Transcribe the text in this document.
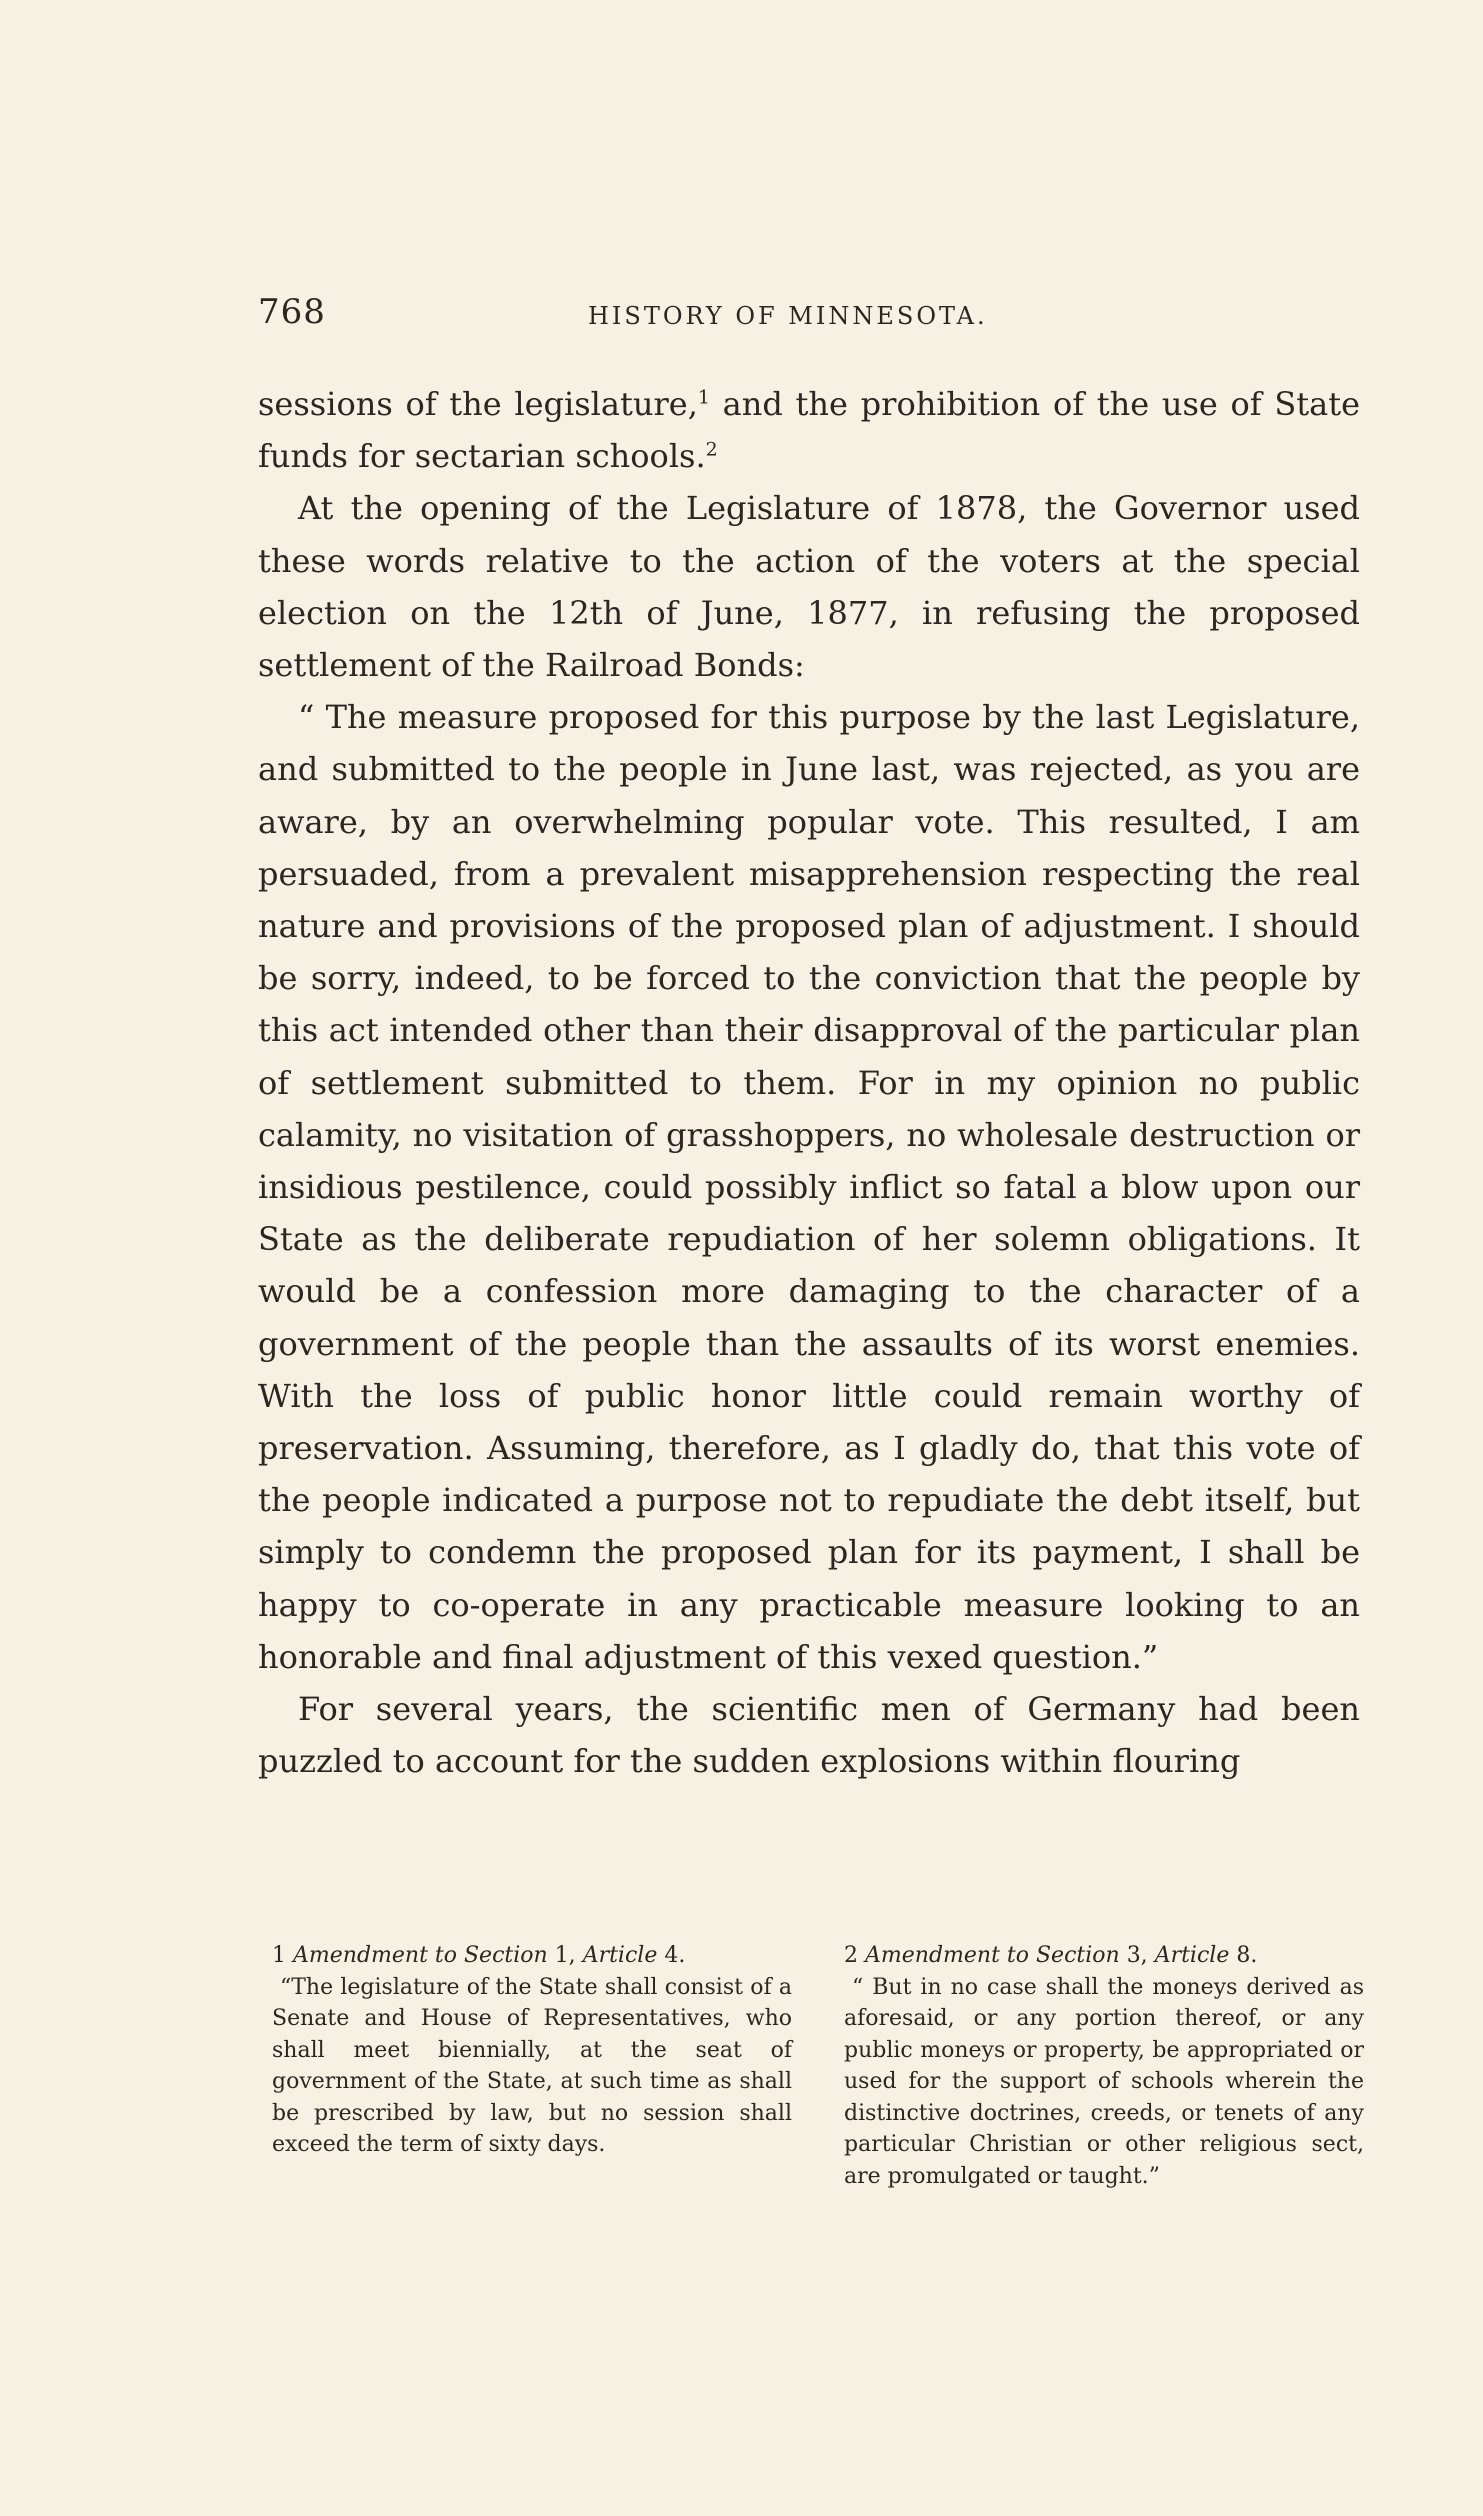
768	HISTORY OF MINNESOTA.

sessions of the legislature,$^1$ and the prohibition of the use of State funds for sectarian schools.$^2$

At the opening of the Legislature of 1878, the Governor used these words relative to the action of the voters at the special election on the 12th of June, 1877, in refusing the proposed settlement of the Railroad Bonds:

“ The measure proposed for this purpose by the last Legislature, and submitted to the people in June last, was rejected, as you are aware, by an overwhelming popular vote. This resulted, I am persuaded, from a prevalent misapprehension respecting the real nature and provisions of the proposed plan of adjustment. I should be sorry, indeed, to be forced to the conviction that the people by this act intended other than their disapproval of the particular plan of settlement submitted to them. For in my opinion no public calamity, no visitation of grasshoppers, no wholesale destruction or insidious pestilence, could possibly inflict so fatal a blow upon our State as the deliberate repudiation of her solemn obligations. It would be a confession more damaging to the character of a government of the people than the assaults of its worst enemies. With the loss of public honor little could remain worthy of preservation. Assuming, therefore, as I gladly do, that this vote of the people indicated a purpose not to repudiate the debt itself, but simply to condemn the proposed plan for its payment, I shall be happy to co-operate in any practicable measure looking to an honorable and final adjustment of this vexed question.”

For several years, the scientific men of Germany had been puzzled to account for the sudden explosions within flouring

1 Amendment to Section 1, Article 4.
“The legislature of the State shall consist of a Senate and House of Representatives, who shall meet biennially, at the seat of government of the State, at such time as shall be prescribed by law, but no session shall exceed the term of sixty days.
2 Amendment to Section 3, Article 8.
“ But in no case shall the moneys derived as aforesaid, or any portion thereof, or any public moneys or property, be appropriated or used for the support of schools wherein the distinctive doctrines, creeds, or tenets of any particular Christian or other religious sect, are promulgated or taught.”
